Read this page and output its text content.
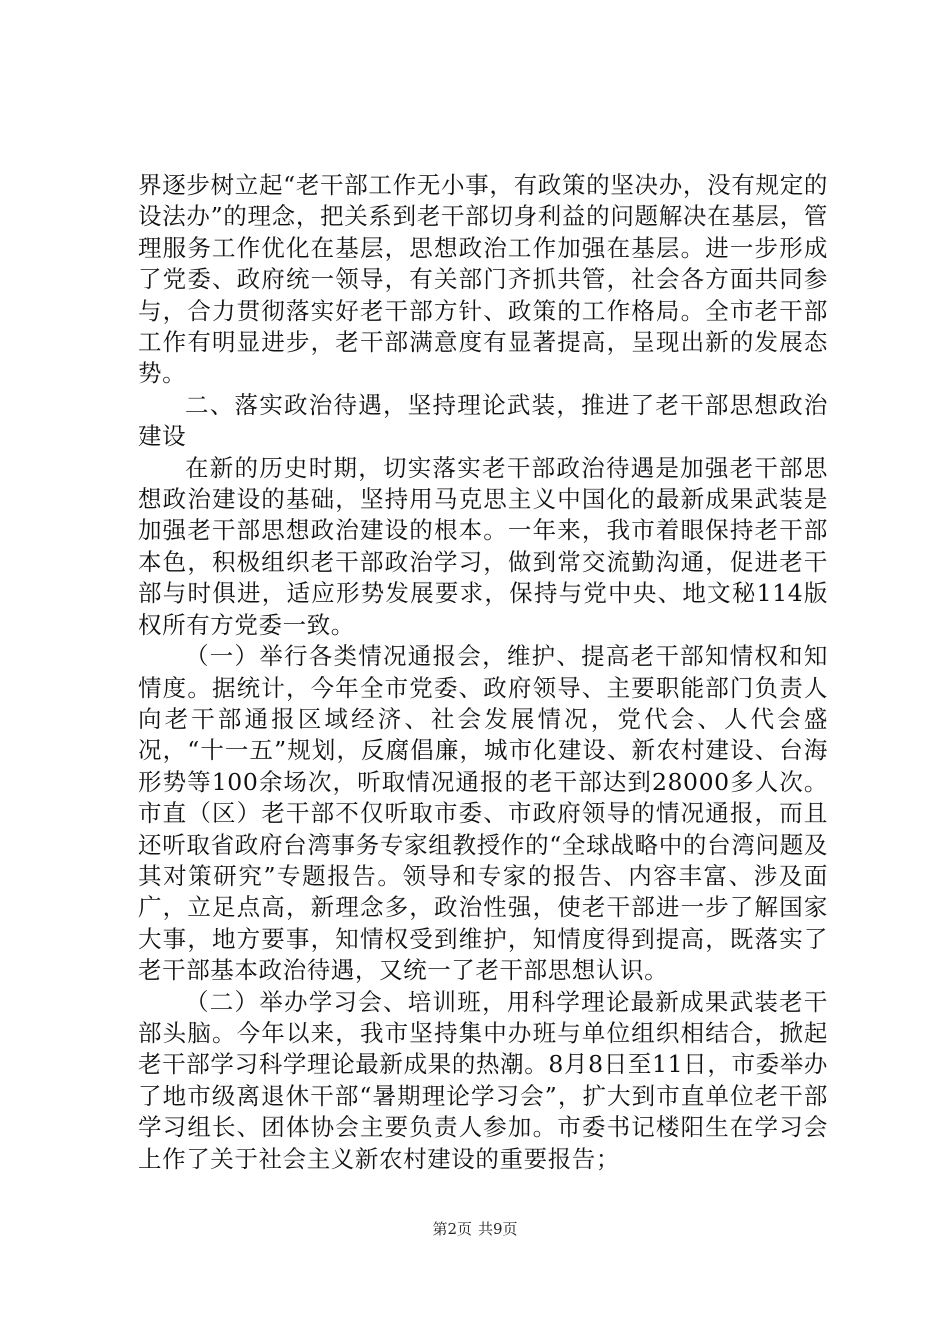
界逐步树立起“老干部工作无小事，有政策的坚决办，没有规定的设法办”的理念，把关系到老干部切身利益的问题解决在基层，管理服务工作优化在基层，思想政治工作加强在基层。进一步形成了党委、政府统一领导，有关部门齐抓共管，社会各方面共同参与，合力贯彻落实好老干部方针、政策的工作格局。全市老干部工作有明显进步，老干部满意度有显著提高，呈现出新的发展态势。

二、落实政治待遇，坚持理论武装，推进了老干部思想政治建设

在新的历史时期，切实落实老干部政治待遇是加强老干部思想政治建设的基础，坚持用马克思主义中国化的最新成果武装是加强老干部思想政治建设的根本。一年来，我市着眼保持老干部本色，积极组织老干部政治学习，做到常交流勤沟通，促进老干部与时俱进，适应形势发展要求，保持与党中央、地文秘114版权所有方党委一致。

（一）举行各类情况通报会，维护、提高老干部知情权和知情度。据统计，今年全市党委、政府领导、主要职能部门负责人向老干部通报区域经济、社会发展情况，党代会、人代会盛况，“十一五”规划，反腐倡廉，城市化建设、新农村建设、台海形势等100余场次，听取情况通报的老干部达到28000多人次。市直（区）老干部不仅听取市委、市政府领导的情况通报，而且还听取省政府台湾事务专家组教授作的“全球战略中的台湾问题及其对策研究”专题报告。领导和专家的报告、内容丰富、涉及面广，立足点高，新理念多，政治性强，使老干部进一步了解国家大事，地方要事，知情权受到维护，知情度得到提高，既落实了老干部基本政治待遇，又统一了老干部思想认识。

（二）举办学习会、培训班，用科学理论最新成果武装老干部头脑。今年以来，我市坚持集中办班与单位组织相结合，掀起老干部学习科学理论最新成果的热潮。8月8日至11日，市委举办了地市级离退休干部“暑期理论学习会”，扩大到市直单位老干部学习组长、团体协会主要负责人参加。市委书记楼阳生在学习会上作了关于社会主义新农村建设的重要报告；

第2页 共9页
